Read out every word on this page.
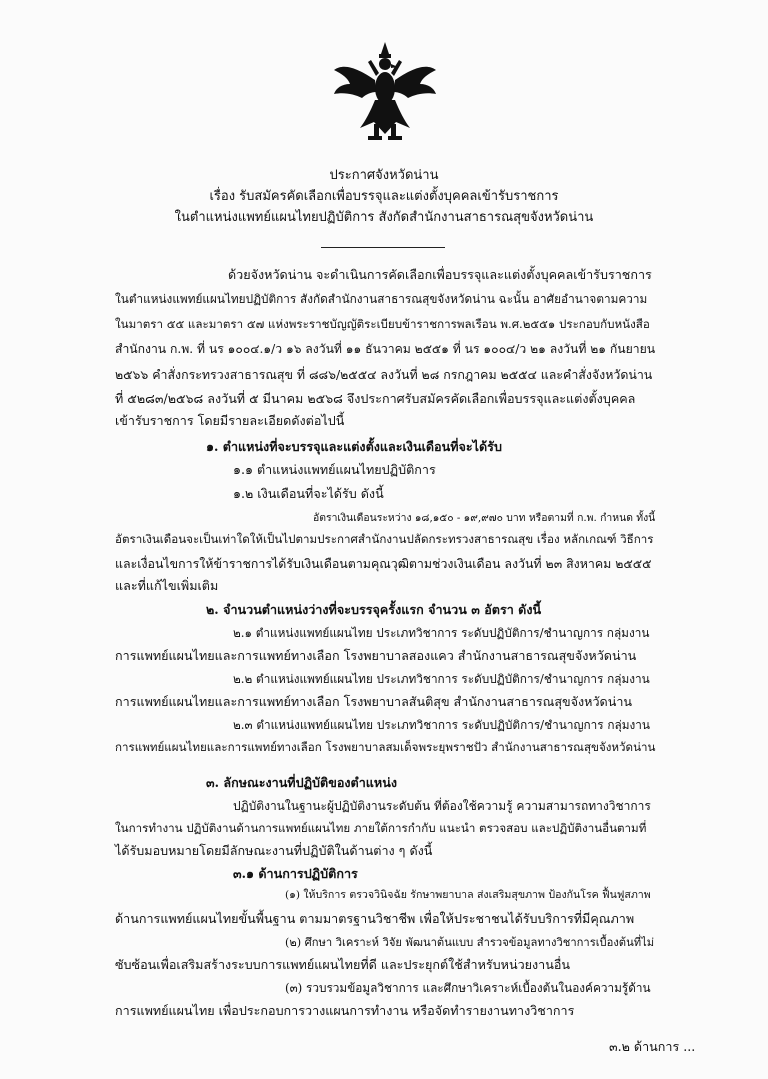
ประกาศจังหวัดน่าน
เรื่อง รับสมัครคัดเลือกเพื่อบรรจุและแต่งตั้งบุคคลเข้ารับราชการ
ในตำแหน่งแพทย์แผนไทยปฏิบัติการ สังกัดสำนักงานสาธารณสุขจังหวัดน่าน
ด้วยจังหวัดน่าน จะดำเนินการคัดเลือกเพื่อบรรจุและแต่งตั้งบุคคลเข้ารับราชการ
ในตำแหน่งแพทย์แผนไทยปฏิบัติการ สังกัดสำนักงานสาธารณสุขจังหวัดน่าน ฉะนั้น อาศัยอำนาจตามความ
ในมาตรา ๕๕ และมาตรา ๕๗ แห่งพระราชบัญญัติระเบียบข้าราชการพลเรือน พ.ศ.๒๕๕๑ ประกอบกับหนังสือ
สำนักงาน ก.พ. ที่ นร ๑๐๐๔.๑/ว ๑๖ ลงวันที่ ๑๑ ธันวาคม ๒๕๕๑ ที่ นร ๑๐๐๔/ว ๒๑ ลงวันที่ ๒๑ กันยายน
๒๕๖๖ คำสั่งกระทรวงสาธารณสุข ที่ ๘๘๖/๒๕๕๔ ลงวันที่ ๒๘ กรกฎาคม ๒๕๕๔ และคำสั่งจังหวัดน่าน
ที่ ๕๒๘๓/๒๕๖๘ ลงวันที่ ๕ มีนาคม ๒๕๖๘ จึงประกาศรับสมัครคัดเลือกเพื่อบรรจุและแต่งตั้งบุคคล
เข้ารับราชการ โดยมีรายละเอียดดังต่อไปนี้
๑. ตำแหน่งที่จะบรรจุและแต่งตั้งและเงินเดือนที่จะได้รับ
๑.๑ ตำแหน่งแพทย์แผนไทยปฏิบัติการ
๑.๒ เงินเดือนที่จะได้รับ ดังนี้
อัตราเงินเดือนระหว่าง ๑๘,๑๕๐ - ๑๙,๙๗๐ บาท หรือตามที่ ก.พ. กำหนด ทั้งนี้
อัตราเงินเดือนจะเป็นเท่าใดให้เป็นไปตามประกาศสำนักงานปลัดกระทรวงสาธารณสุข เรื่อง หลักเกณฑ์ วิธีการ
และเงื่อนไขการให้ข้าราชการได้รับเงินเดือนตามคุณวุฒิตามช่วงเงินเดือน ลงวันที่ ๒๓ สิงหาคม ๒๕๕๕
และที่แก้ไขเพิ่มเติม
๒. จำนวนตำแหน่งว่างที่จะบรรจุครั้งแรก จำนวน ๓ อัตรา ดังนี้
๒.๑ ตำแหน่งแพทย์แผนไทย ประเภทวิชาการ ระดับปฏิบัติการ/ชำนาญการ กลุ่มงาน
การแพทย์แผนไทยและการแพทย์ทางเลือก โรงพยาบาลสองแคว สำนักงานสาธารณสุขจังหวัดน่าน
๒.๒ ตำแหน่งแพทย์แผนไทย ประเภทวิชาการ ระดับปฏิบัติการ/ชำนาญการ กลุ่มงาน
การแพทย์แผนไทยและการแพทย์ทางเลือก โรงพยาบาลสันติสุข สำนักงานสาธารณสุขจังหวัดน่าน
๒.๓ ตำแหน่งแพทย์แผนไทย ประเภทวิชาการ ระดับปฏิบัติการ/ชำนาญการ กลุ่มงาน
การแพทย์แผนไทยและการแพทย์ทางเลือก โรงพยาบาลสมเด็จพระยุพราชปัว สำนักงานสาธารณสุขจังหวัดน่าน
๓. ลักษณะงานที่ปฏิบัติของตำแหน่ง
ปฏิบัติงานในฐานะผู้ปฏิบัติงานระดับต้น ที่ต้องใช้ความรู้ ความสามารถทางวิชาการ
ในการทำงาน ปฏิบัติงานด้านการแพทย์แผนไทย ภายใต้การกำกับ แนะนำ ตรวจสอบ และปฏิบัติงานอื่นตามที่
ได้รับมอบหมายโดยมีลักษณะงานที่ปฏิบัติในด้านต่าง ๆ ดังนี้
๓.๑ ด้านการปฏิบัติการ
(๑) ให้บริการ ตรวจวินิจฉัย รักษาพยาบาล ส่งเสริมสุขภาพ ป้องกันโรค ฟื้นฟูสภาพ
ด้านการแพทย์แผนไทยขั้นพื้นฐาน ตามมาตรฐานวิชาชีพ เพื่อให้ประชาชนได้รับบริการที่มีคุณภาพ
(๒) ศึกษา วิเคราะห์ วิจัย พัฒนาต้นแบบ สำรวจข้อมูลทางวิชาการเบื้องต้นที่ไม่
ซับซ้อนเพื่อเสริมสร้างระบบการแพทย์แผนไทยที่ดี และประยุกต์ใช้สำหรับหน่วยงานอื่น
(๓) รวบรวมข้อมูลวิชาการ และศึกษาวิเคราะห์เบื้องต้นในองค์ความรู้ด้าน
การแพทย์แผนไทย เพื่อประกอบการวางแผนการทำงาน หรือจัดทำรายงานทางวิชาการ
๓.๒ ด้านการ ...
